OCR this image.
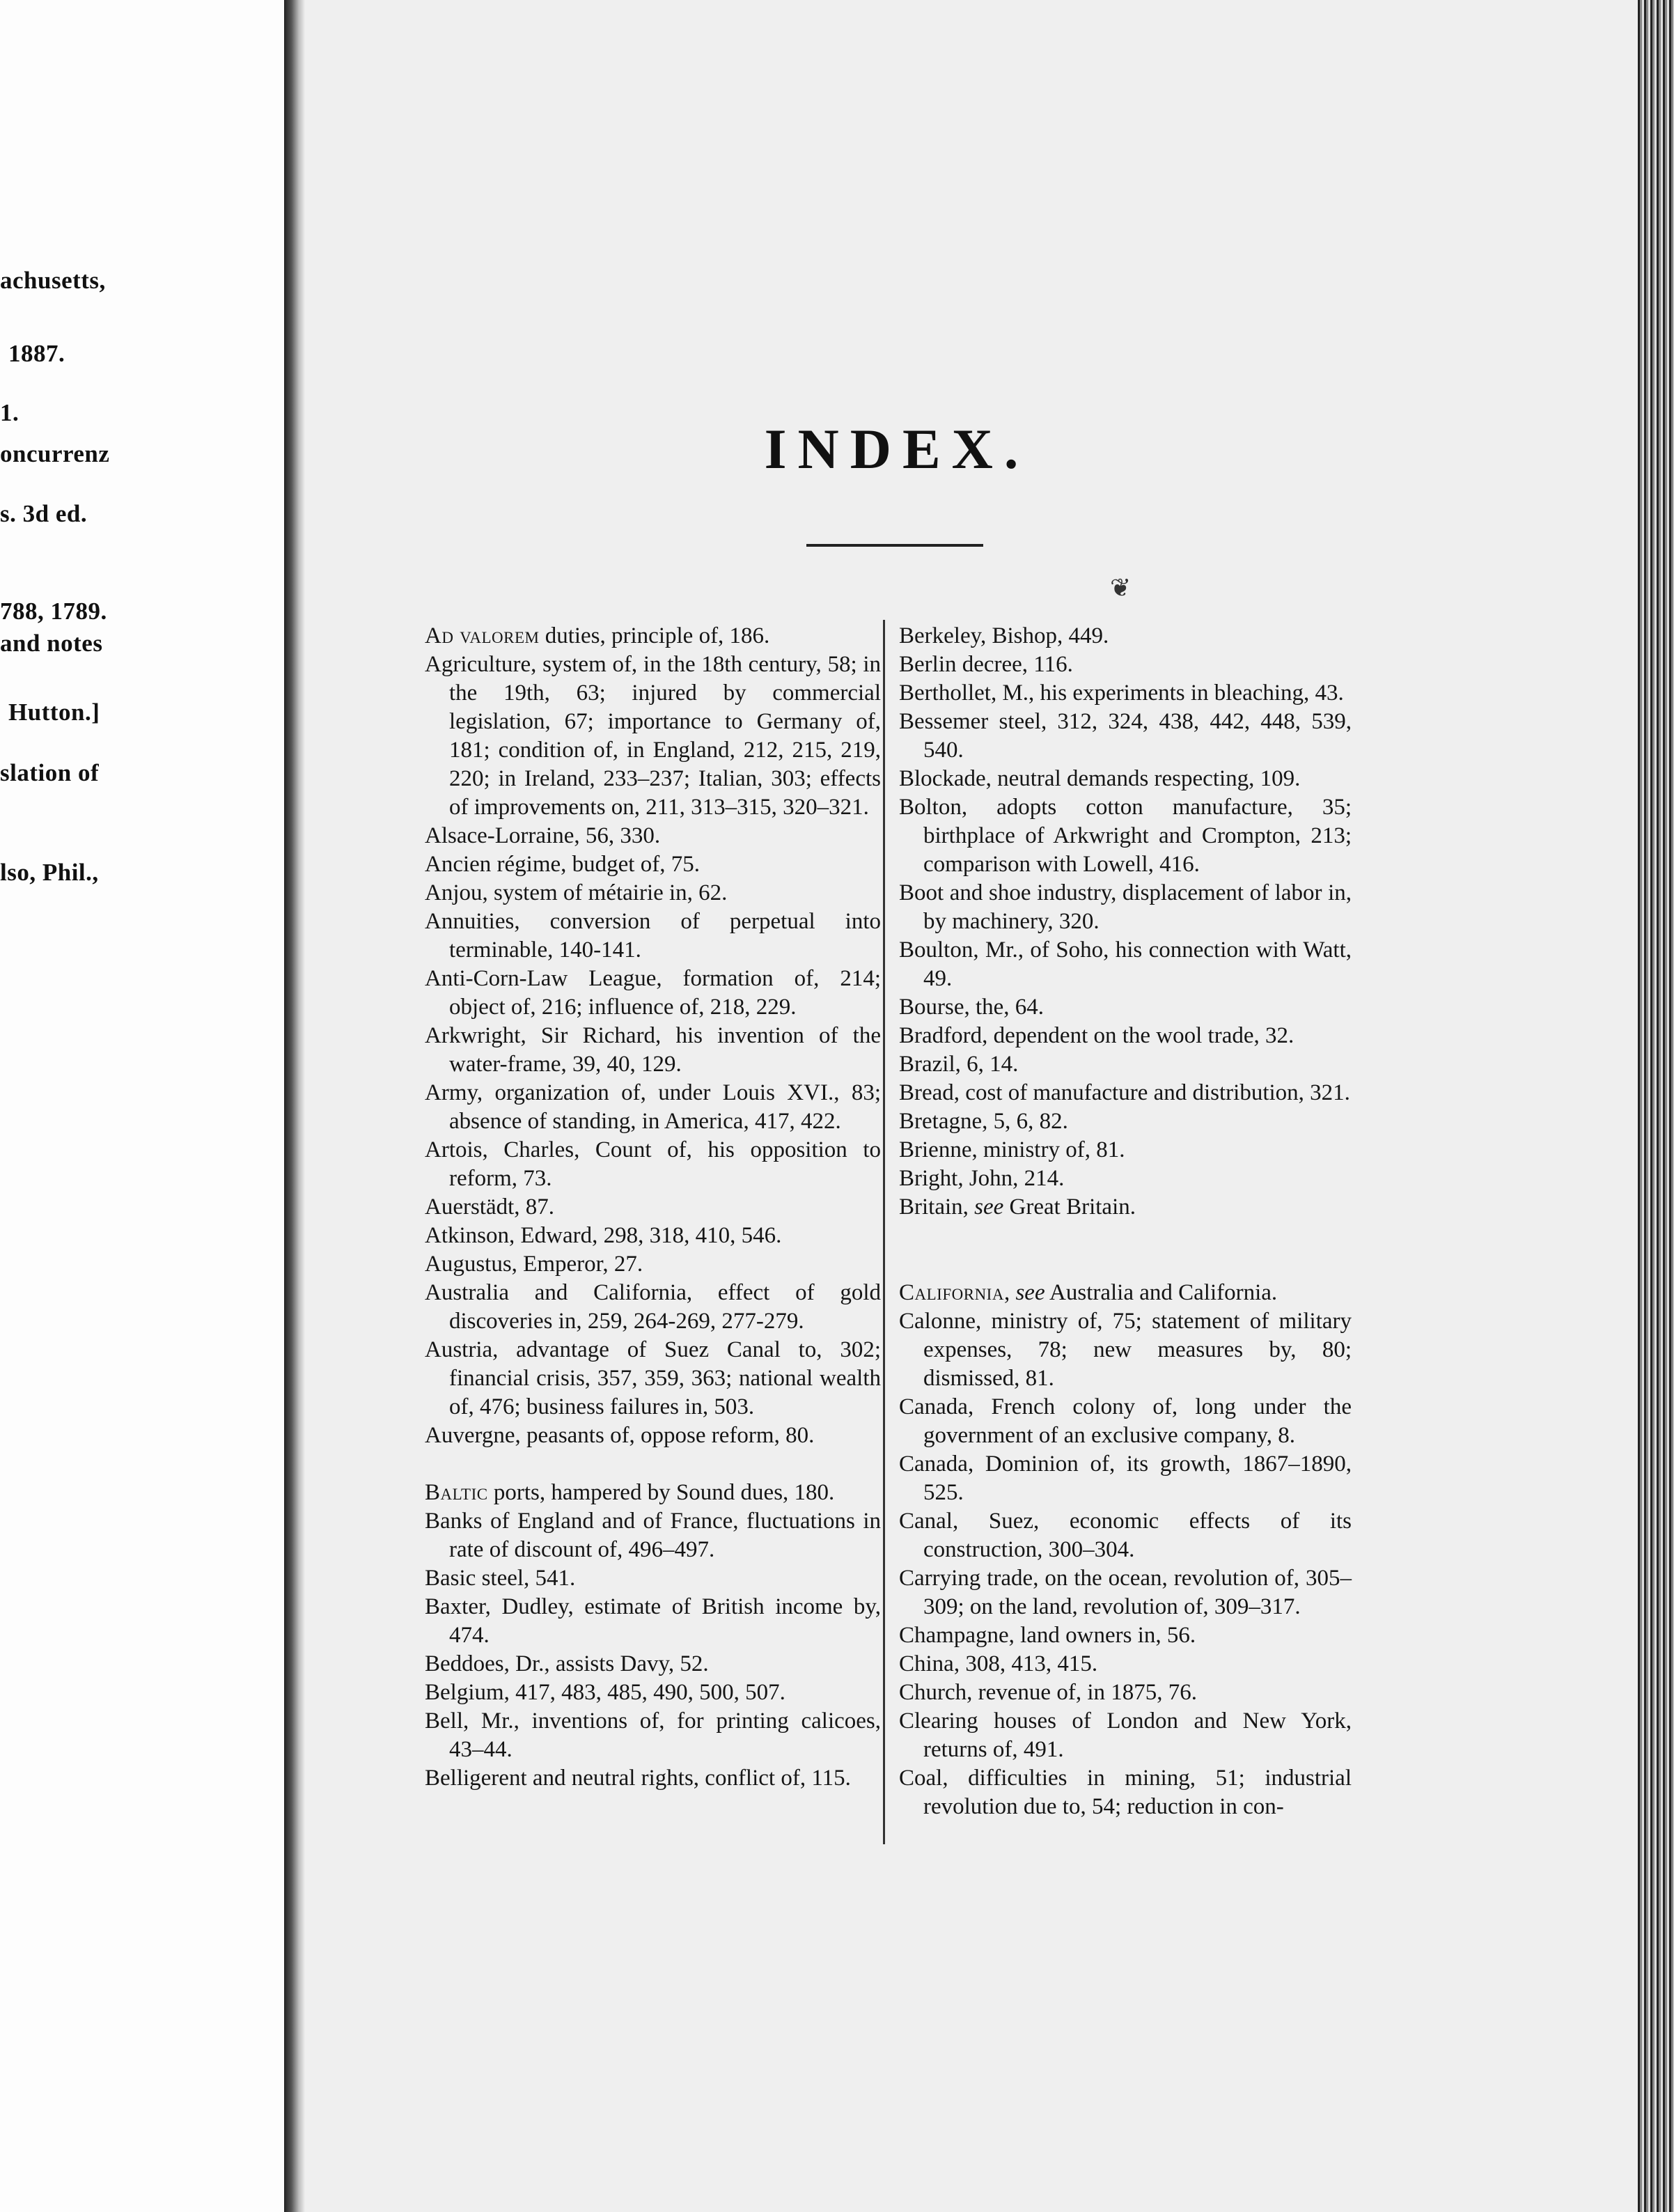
achusetts,
1887.
1.
oncurrenz
s. 3d ed.
788, 1789.
and notes
Hutton.]
slation of
lso, Phil.,
INDEX.
❦
Ad valorem duties, principle of, 186.
Agriculture, system of, in the 18th century, 58; in the 19th, 63; injured by commercial legislation, 67; importance to Germany of, 181; condition of, in England, 212, 215, 219, 220; in Ireland, 233–237; Italian, 303; effects of improvements on, 211, 313–315, 320–321.
Alsace-Lorraine, 56, 330.
Ancien régime, budget of, 75.
Anjou, system of métairie in, 62.
Annuities, conversion of perpetual into terminable, 140-141.
Anti-Corn-Law League, formation of, 214; object of, 216; influence of, 218, 229.
Arkwright, Sir Richard, his invention of the water-frame, 39, 40, 129.
Army, organization of, under Louis XVI., 83; absence of standing, in America, 417, 422.
Artois, Charles, Count of, his opposition to reform, 73.
Auerstädt, 87.
Atkinson, Edward, 298, 318, 410, 546.
Augustus, Emperor, 27.
Australia and California, effect of gold discoveries in, 259, 264-269, 277-279.
Austria, advantage of Suez Canal to, 302; financial crisis, 357, 359, 363; national wealth of, 476; business failures in, 503.
Auvergne, peasants of, oppose reform, 80.
Baltic ports, hampered by Sound dues, 180.
Banks of England and of France, fluctuations in rate of discount of, 496–497.
Basic steel, 541.
Baxter, Dudley, estimate of British income by, 474.
Beddoes, Dr., assists Davy, 52.
Belgium, 417, 483, 485, 490, 500, 507.
Bell, Mr., inventions of, for printing calicoes, 43–44.
Belligerent and neutral rights, conflict of, 115.
Berkeley, Bishop, 449.
Berlin decree, 116.
Berthollet, M., his experiments in bleaching, 43.
Bessemer steel, 312, 324, 438, 442, 448, 539, 540.
Blockade, neutral demands respecting, 109.
Bolton, adopts cotton manufacture, 35; birthplace of Arkwright and Crompton, 213; comparison with Lowell, 416.
Boot and shoe industry, displacement of labor in, by machinery, 320.
Boulton, Mr., of Soho, his connection with Watt, 49.
Bourse, the, 64.
Bradford, dependent on the wool trade, 32.
Brazil, 6, 14.
Bread, cost of manufacture and distribution, 321.
Bretagne, 5, 6, 82.
Brienne, ministry of, 81.
Bright, John, 214.
Britain, see Great Britain.
California, see Australia and California.
Calonne, ministry of, 75; statement of military expenses, 78; new measures by, 80; dismissed, 81.
Canada, French colony of, long under the government of an exclusive company, 8.
Canada, Dominion of, its growth, 1867–1890, 525.
Canal, Suez, economic effects of its construction, 300–304.
Carrying trade, on the ocean, revolution of, 305–309; on the land, revolution of, 309–317.
Champagne, land owners in, 56.
China, 308, 413, 415.
Church, revenue of, in 1875, 76.
Clearing houses of London and New York, returns of, 491.
Coal, difficulties in mining, 51; industrial revolution due to, 54; reduction in con-
